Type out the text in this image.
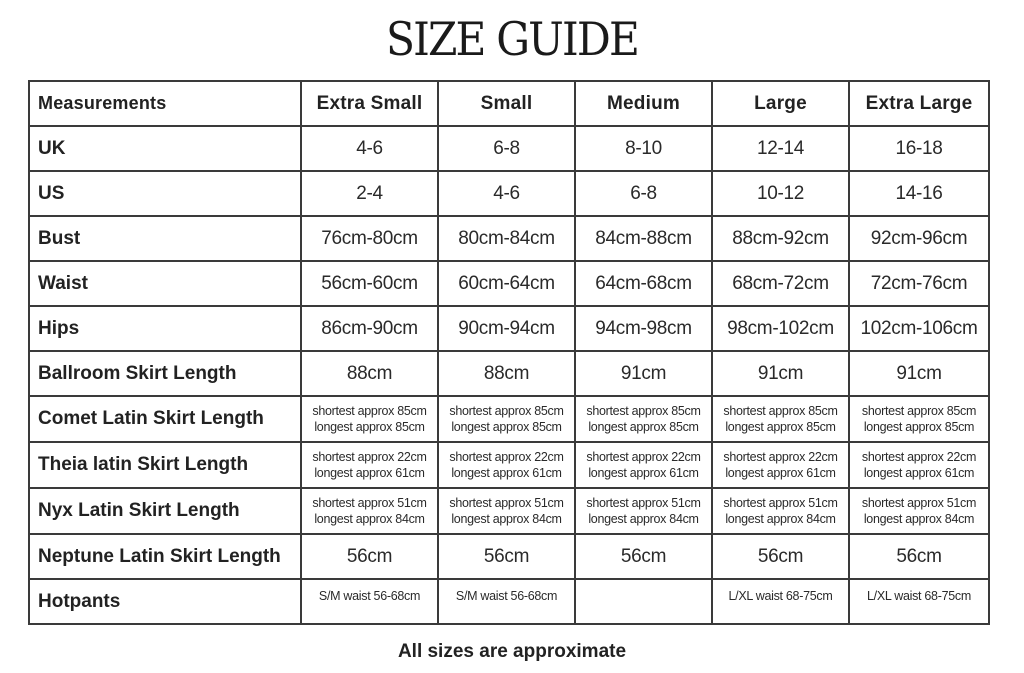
SIZE GUIDE
Measurements	Extra Small	Small	Medium	Large	Extra Large
UK	4-6	6-8	8-10	12-14	16-18
US	2-4	4-6	6-8	10-12	14-16
Bust	76cm-80cm	80cm-84cm	84cm-88cm	88cm-92cm	92cm-96cm
Waist	56cm-60cm	60cm-64cm	64cm-68cm	68cm-72cm	72cm-76cm
Hips	86cm-90cm	90cm-94cm	94cm-98cm	98cm-102cm	102cm-106cm
Ballroom Skirt Length	88cm	88cm	91cm	91cm	91cm
Comet Latin Skirt Length	shortest approx 85cm
longest approx 85cm	shortest approx 85cm
longest approx 85cm	shortest approx 85cm
longest approx 85cm	shortest approx 85cm
longest approx 85cm	shortest approx 85cm
longest approx 85cm

Theia latin Skirt Length	shortest approx 22cm
longest approx 61cm	shortest approx 22cm
longest approx 61cm	shortest approx 22cm
longest approx 61cm	shortest approx 22cm
longest approx 61cm	shortest approx 22cm
longest approx 61cm

Nyx Latin Skirt Length	shortest approx 51cm
longest approx 84cm	shortest approx 51cm
longest approx 84cm	shortest approx 51cm
longest approx 84cm	shortest approx 51cm
longest approx 84cm	shortest approx 51cm
longest approx 84cm

Neptune Latin Skirt Length	56cm	56cm	56cm	56cm	56cm
Hotpants	S/M waist 56-68cm	S/M waist 56-68cm		L/XL waist 68-75cm	L/XL waist 68-75cm
All sizes are approximate
